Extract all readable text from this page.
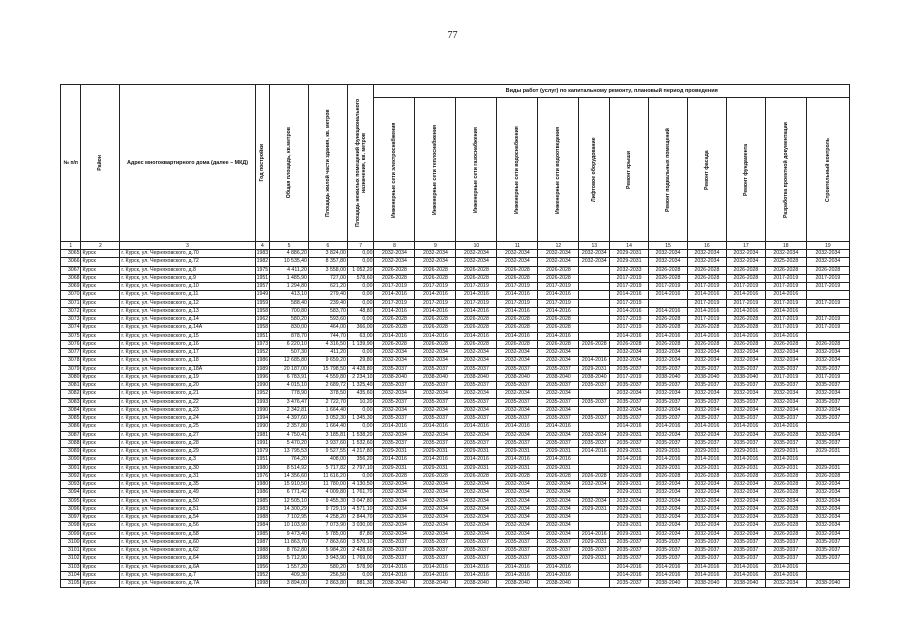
77
№ п/п	Район	Адрес многоквартирного дома (далее – МКД)	Год постройки	Общая площадь, кв.метров	Площадь жилой части здания, кв. метров	Площадь нежилых помещений функционального назначения, кв. метров	Виды работ (услуг) по капитальному ремонту, плановый период проведения											

							Инженерные сети электроснабжения	Инженерные сети теплоснабжения	Инженерные сети газоснабжения	Инженерные сети водоснабжения	Инженерные сети водоотведения	Лифтовое оборудование	Ремонт крыши	Ремонт подвальных помещений	Ремонт фасада	Ремонт фундамента	Разработка проектной документации	Строительный контроль

1	2	3	4	5	6	7	8	9	10	11	12	13	14	15	16	17	18	19
3065	Курск	г. Курск, ул. Черняховского, д.70	1983	4 886,20	3 824,00	0,00	2032-2034	2032-2034	2032-2034	2032-2034	2032-2034	2032-2034	2029-2031	2032-2034	2032-2034	2032-2034	2032-2034	2032-2034
3066	Курск	г. Курск, ул. Черняховского, д.72	1982	10 535,40	8 357,80	0,00	2032-2034	2032-2034	2032-2034	2032-2034	2032-2034	2032-2034	2029-2031	2032-2034	2032-2034	2032-2034	2025-2028	2032-2034
3067	Курск	г. Курск, ул. Черняховского, д.8	1975	4 411,20	3 558,00	1 052,20	2026-2028	2026-2028	2026-2028	2026-2028	2026-2028		2032-2033	2026-2028	2026-2028	2026-2028	2026-2028	2026-2028
3068	Курск	г. Курск, ул. Черняховского, д.9	1951	1 485,90	727,00	578,60	2026-2028	2026-2028	2026-2028	2026-2028	2026-2028		2017-2019	2026-2028	2026-2028	2026-2028	2017-2019	2017-2019
3069	Курск	г. Курск, ул. Черняховского, д.10	1957	1 294,80	621,20	0,00	2017-2019	2017-2019	2017-2019	2017-2019	2017-2019		2017-2019	2017-2019	2017-2019	2017-2019	2017-2019	2017-2019
3070	Курск	г. Курск, ул. Черняховского, д.11	1949	413,10	279,40	0,00	2014-2016	2014-2016	2014-2016	2014-2016	2014-2016		2014-2016	2014-2016	2014-2016	2014-2016	2014-2016	
3071	Курск	г. Курск, ул. Черняховского, д.12	1959	588,40	239,40	0,00	2017-2019	2017-2019	2017-2019	2017-2019	2017-2019		2017-2019		2017-2019	2017-2019	2017-2019	2017-2019
3072	Курск	г. Курск, ул. Черняховского, д.13	1958	700,80	583,70	48,80	2014-2016	2014-2016	2014-2016	2014-2016	2014-2016		2014-2016	2014-2016	2014-2016	2014-2016	2014-2016	
3073	Курск	г. Курск, ул. Черняховского, д.14	1962	580,20	593,60	0,00	2026-2028	2026-2028	2026-2028	2026-2028	2026-2028		2017-2019	2026-2028	2017-2019	2026-2028	2017-2019	2017-2019
3074	Курск	г. Курск, ул. Черняховского, д.14А	1958	830,00	464,00	366,00	2026-2028	2026-2028	2026-2028	2026-2028	2026-2028		2017-2019	2026-2028	2026-2028	2026-2028	2017-2019	2017-2019
3075	Курск	г. Курск, ул. Черняховского, д.15	1951	878,70	744,70	63,00	2014-2016	2014-2016	2014-2016	2014-2016	2014-2016		2014-2016	2014-2016	2014-2016	2014-2016	2014-2016	
3076	Курск	г. Курск, ул. Черняховского, д.16	1973	6 220,10	4 316,50	1 139,90	2026-2028	2026-2028	2026-2028	2026-2028	2026-2028	2026-2028	2026-2028	2026-2028	2026-2028	2026-2028	2026-2028	2026-2028
3077	Курск	г. Курск, ул. Черняховского, д.17	1952	507,30	411,20	0,00	2032-2034	2032-2034	2032-2034	2032-2034	2032-2034		2032-2034	2032-2034	2032-2034	2032-2034	2032-2034	2032-2034
3078	Курск	г. Курск, ул. Черняховского, д.18	1986	12 685,80	9 659,20	29,80	2032-2034	2032-2034	2032-2034	2032-2034	2032-2034	2014-2016	2032-2034	2032-2034	2032-2034	2032-2034	2032-2034	2032-2034
3079	Курск	г. Курск, ул. Черняховского, д.18А	1989	20 187,00	15 798,50	4 428,80	2035-2037	2035-2037	2035-2037	2035-2037	2035-2037	2029-2031	2035-2037	2035-2037	2035-2037	2035-2037	2035-2037	2035-2037
3080	Курск	г. Курск, ул. Черняховского, д.19	1996	6 783,91	4 559,80	2 234,10	2038-2040	2038-2040	2038-2040	2038-2040	2038-2040	2038-2040	2017-2019	2038-2040	2038-2040	2038-2040	2017-2019	2017-2019
3081	Курск	г. Курск, ул. Черняховского, д.20	1990	4 015,10	2 689,72	1 325,40	2035-2037	2035-2037	2035-2037	2035-2037	2035-2037	2035-2037	2035-2037	2035-2037	2035-2037	2035-2037	2035-2037	2035-2037
3082	Курск	г. Курск, ул. Черняховского, д.21	1952	778,90	378,50	435,60	2032-2034	2032-2034	2032-2034	2032-2034	2032-2034		2032-2034	2032-2034	2032-2034	2032-2034	2032-2034	2032-2034
3083	Курск	г. Курск, ул. Черняховского, д.22	1993	3 476,47	2 722,70	10,20	2035-2037	2035-2037	2035-2037	2035-2037	2035-2037	2035-2037	2035-2037	2035-2037	2035-2037	2035-2037	2032-2034	2035-2037
3084	Курск	г. Курск, ул. Черняховского, д.23	1990	2 342,81	1 664,40	0,00	2032-2034	2032-2034	2032-2034	2032-2034	2032-2034		2032-2034	2032-2034	2032-2034	2032-2034	2032-2034	2032-2034
3085	Курск	г. Курск, ул. Черняховского, д.24	1994	4 397,60	3 052,30	1 345,30	2035-2037	2035-2037	2035-2037	2035-2037	2035-2037	2035-2037	2035-2037	2035-2037	2035-2037	2035-2037	2035-2037	2035-2037
3086	Курск	г. Курск, ул. Черняховского, д.25	1990	2 357,80	1 664,40	0,00	2014-2016	2014-2016	2014-2016	2014-2016	2014-2016		2014-2016	2014-2016	2014-2016	2014-2016	2014-2016	
3087	Курск	г. Курск, ул. Черняховского, д.27	1981	4 750,41	3 185,81	1 538,20	2032-2034	2032-2034	2032-2034	2032-2034	2032-2034	2032-2034	2029-2031	2032-2034	2032-2034	2032-2034	2026-2028	2032-2034
3088	Курск	г. Курск, ул. Черняховского, д.28	1991	5 470,20	3 937,60	1 532,60	2035-2037	2035-2037	2035-2037	2035-2037	2035-2037	2035-2037	2035-2037	2035-2037	2035-2037	2035-2037	2035-2037	2035-2037
3089	Курск	г. Курск, ул. Черняховского, д.29	1979	13 795,53	9 527,55	4 217,80	2029-2031	2029-2031	2029-2031	2029-2031	2029-2031	2014-2016	2029-2031	2029-2031	2029-2031	2029-2031	2029-2031	2029-2031
3090	Курск	г. Курск, ул. Черняховского, д.3	1951	764,20	408,00	356,20	2014-2016	2014-2016	2014-2016	2014-2016	2014-2016		2014-2016	2014-2016	2014-2016	2014-2016	2014-2016	
3091	Курск	г. Курск, ул. Черняховского, д.30	1980	8 514,92	5 717,82	2 797,10	2029-2031	2029-2031	2029-2031	2029-2031	2029-2031		2029-2031	2029-2031	2029-2031	2029-2031	2029-2031	2029-2031
3092	Курск	г. Курск, ул. Черняховского, д.31	1976	14 356,60	11 616,20	0,00	2026-2028	2026-2028	2026-2028	2026-2028	2026-2028	2026-2028	2026-2028	2026-2028	2026-2028	2026-2028	2026-2028	2026-2028
3093	Курск	г. Курск, ул. Черняховского, д.35	1980	15 910,50	11 780,00	4 130,50	2032-2034	2032-2034	2032-2034	2032-2034	2032-2034	2032-2034	2029-2031	2032-2034	2032-2034	2032-2034	2026-2028	2032-2034
3094	Курск	г. Курск, ул. Черняховского, д.49	1986	6 771,42	4 009,80	1 761,70	2032-2034	2032-2034	2032-2034	2032-2034	2032-2034		2029-2031	2032-2034	2032-2034	2032-2034	2026-2028	2032-2034
3095	Курск	г. Курск, ул. Черняховского, д.50	1985	12 505,10	9 455,30	3 047,80	2032-2034	2032-2034	2032-2034	2032-2034	2032-2034	2032-2034	2032-2034	2032-2034	2032-2034	2032-2034	2032-2034	2032-2034
3096	Курск	г. Курск, ул. Черняховского, д.51	1983	14 300,29	9 729,19	4 571,10	2032-2034	2032-2034	2032-2034	2032-2034	2032-2034	2029-2031	2029-2031	2032-2034	2032-2034	2032-2034	2026-2028	2032-2034
3097	Курск	г. Курск, ул. Черняховского, д.54	1988	7 102,95	4 258,20	2 844,70	2032-2034	2032-2034	2032-2034	2032-2034	2032-2034		2029-2031	2032-2034	2032-2034	2032-2034	2026-2028	2032-2034
3098	Курск	г. Курск, ул. Черняховского, д.56	1984	10 103,90	7 073,90	3 030,00	2032-2034	2032-2034	2032-2034	2032-2034	2032-2034		2029-2031	2032-2034	2032-2034	2032-2034	2026-2028	2032-2034
3099	Курск	г. Курск, ул. Черняховского, д.58	1985	9 473,40	5 785,00	87,80	2032-2034	2032-2034	2032-2034	2032-2034	2032-2034	2014-2016	2029-2031	2032-2034	2032-2034	2032-2034	2026-2028	2032-2034
3100	Курск	г. Курск, ул. Черняховского, д.60	1987	11 863,70	7 863,60	3 570,10	2035-2037	2035-2037	2035-2037	2035-2037	2035-2037	2029-2031	2035-2037	2035-2037	2035-2037	2035-2037	2035-2037	2035-2037
3101	Курск	г. Курск, ул. Черняховского, д.62	1988	8 762,80	5 984,20	2 428,60	2035-2037	2035-2037	2035-2037	2035-2037	2035-2037	2035-2037	2035-2037	2035-2037	2035-2037	2035-2037	2035-2037	2035-2037
3102	Курск	г. Курск, ул. Черняховского, д.64	1988	5 712,90	3 943,90	1 769,00	2035-2037	2035-2037	2035-2037	2035-2037	2035-2037	2029-2031	2035-2037	2035-2037	2035-2037	2035-2037	2035-2037	2035-2037
3103	Курск	г. Курск, ул. Черняховского, д.6А	1956	1 557,20	580,20	578,90	2014-2016	2014-2016	2014-2016	2014-2016	2014-2016		2014-2016	2014-2016	2014-2016	2014-2016	2014-2016	
3104	Курск	г. Курск, ул. Черняховского, д.7	1952	409,30	256,50	0,00	2014-2016	2014-2016	2014-2016	2014-2016	2014-2016		2014-2016	2014-2016	2014-2016	2014-2016	2014-2016	
3105	Курск	г. Курск, ул. Черняховского, д.7А	1998	3 894,00	2 863,80	881,30	2038-2040	2038-2040	2038-2040	2038-2040	2038-2040		2035-2037	2038-2040	2038-2040	2038-2040	2032-2034	2038-2040
